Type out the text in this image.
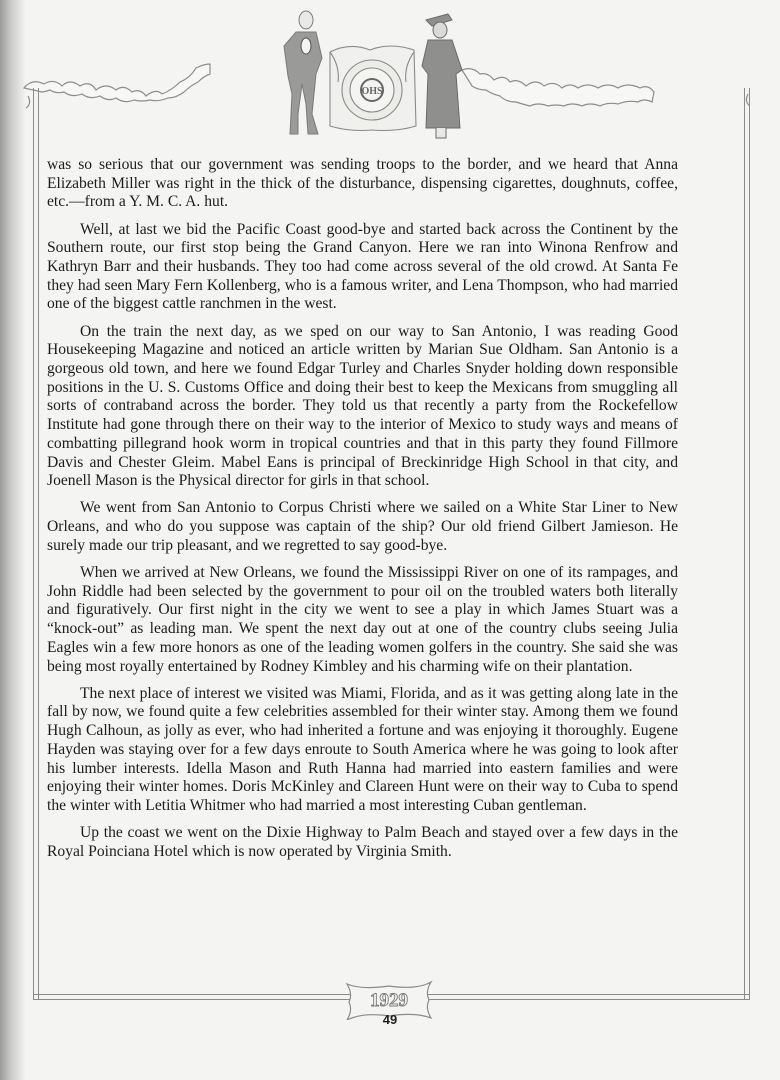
OHS

was so serious that our government was sending troops to the border, and we heard that Anna Elizabeth Miller was right in the thick of the disturbance, dispensing cigarettes, doughnuts, coffee, etc.—from a Y. M. C. A. hut.

Well, at last we bid the Pacific Coast good-bye and started back across the Continent by the Southern route, our first stop being the Grand Canyon. Here we ran into Winona Renfrow and Kathryn Barr and their husbands. They too had come across several of the old crowd. At Santa Fe they had seen Mary Fern Kollenberg, who is a famous writer, and Lena Thompson, who had married one of the biggest cattle ranchmen in the west.

On the train the next day, as we sped on our way to San Antonio, I was reading Good Housekeeping Magazine and noticed an article written by Marian Sue Oldham. San Antonio is a gorgeous old town, and here we found Edgar Turley and Charles Snyder holding down responsible positions in the U. S. Customs Office and doing their best to keep the Mexicans from smuggling all sorts of contraband across the border. They told us that recently a party from the Rockefellow Institute had gone through there on their way to the interior of Mexico to study ways and means of combatting pillegrand hook worm in tropical countries and that in this party they found Fillmore Davis and Chester Gleim. Mabel Eans is principal of Breckinridge High School in that city, and Joenell Mason is the Physical director for girls in that school.

We went from San Antonio to Corpus Christi where we sailed on a White Star Liner to New Orleans, and who do you suppose was captain of the ship? Our old friend Gilbert Jamieson. He surely made our trip pleasant, and we regretted to say good-bye.

When we arrived at New Orleans, we found the Mississippi River on one of its rampages, and John Riddle had been selected by the government to pour oil on the troubled waters both literally and figuratively. Our first night in the city we went to see a play in which James Stuart was a “knock-out” as leading man. We spent the next day out at one of the country clubs seeing Julia Eagles win a few more honors as one of the leading women golfers in the country. She said she was being most royally entertained by Rodney Kimbley and his charming wife on their plantation.

The next place of interest we visited was Miami, Florida, and as it was getting along late in the fall by now, we found quite a few celebrities assembled for their winter stay. Among them we found Hugh Calhoun, as jolly as ever, who had inherited a fortune and was enjoying it thoroughly. Eugene Hayden was staying over for a few days enroute to South America where he was going to look after his lumber interests. Idella Mason and Ruth Hanna had married into eastern families and were enjoying their winter homes. Doris McKinley and Clareen Hunt were on their way to Cuba to spend the winter with Letitia Whitmer who had married a most interesting Cuban gentleman.

Up the coast we went on the Dixie Highway to Palm Beach and stayed over a few days in the Royal Poinciana Hotel which is now operated by Virginia Smith.

1929
49
